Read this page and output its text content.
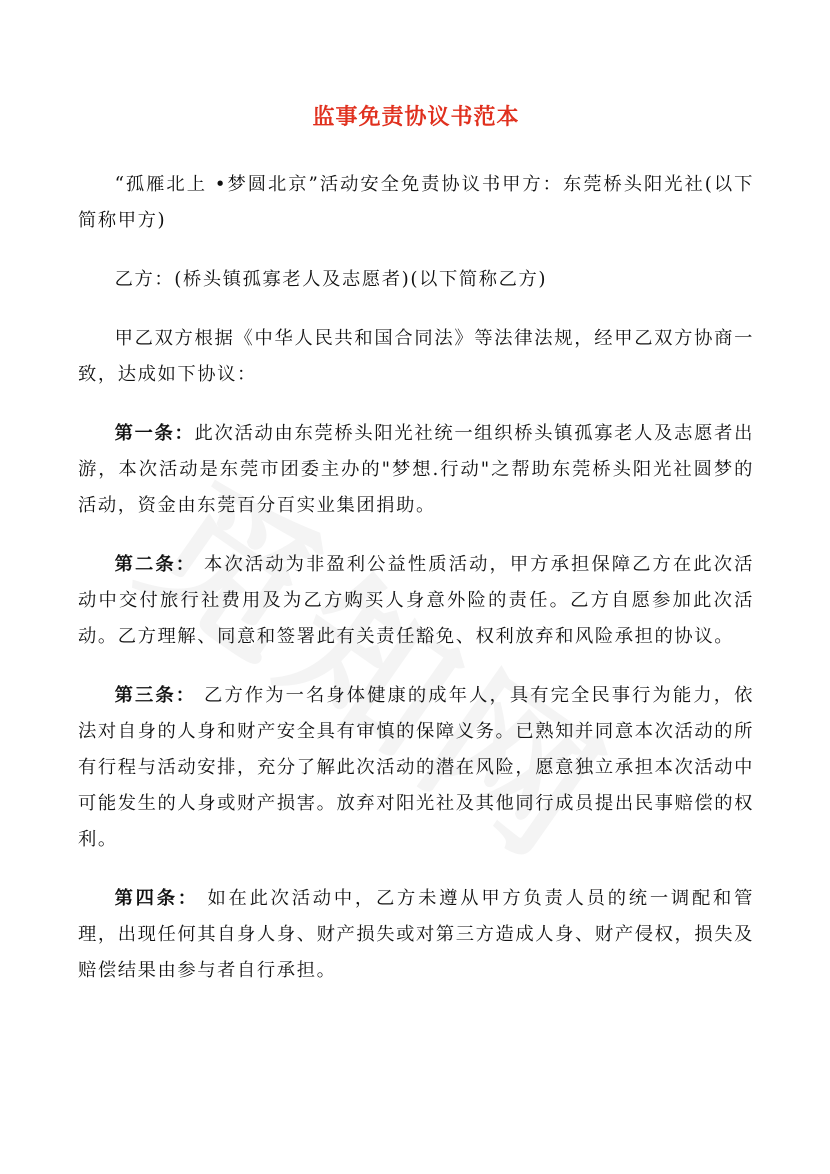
监事免责协议书范本

“孤雁北上 •梦圆北京”活动安全免责协议书甲方：东莞桥头阳光社(以下简称甲方)

乙方：(桥头镇孤寡老人及志愿者)(以下简称乙方)

甲乙双方根据《中华人民共和国合同法》等法律法规，经甲乙双方协商一致，达成如下协议：

第一条：此次活动由东莞桥头阳光社统一组织桥头镇孤寡老人及志愿者出游，本次活动是东莞市团委主办的"梦想.行动"之帮助东莞桥头阳光社圆梦的活动，资金由东莞百分百实业集团捐助。

第二条： 本次活动为非盈利公益性质活动，甲方承担保障乙方在此次活动中交付旅行社费用及为乙方购买人身意外险的责任。乙方自愿参加此次活动。乙方理解、同意和签署此有关责任豁免、权利放弃和风险承担的协议。

第三条： 乙方作为一名身体健康的成年人，具有完全民事行为能力，依法对自身的人身和财产安全具有审慎的保障义务。已熟知并同意本次活动的所有行程与活动安排，充分了解此次活动的潜在风险，愿意独立承担本次活动中可能发生的人身或财产损害。放弃对阳光社及其他同行成员提出民事赔偿的权利。

第四条： 如在此次活动中，乙方未遵从甲方负责人员的统一调配和管理，出现任何其自身人身、财产损失或对第三方造成人身、财产侵权，损失及赔偿结果由参与者自行承担。
